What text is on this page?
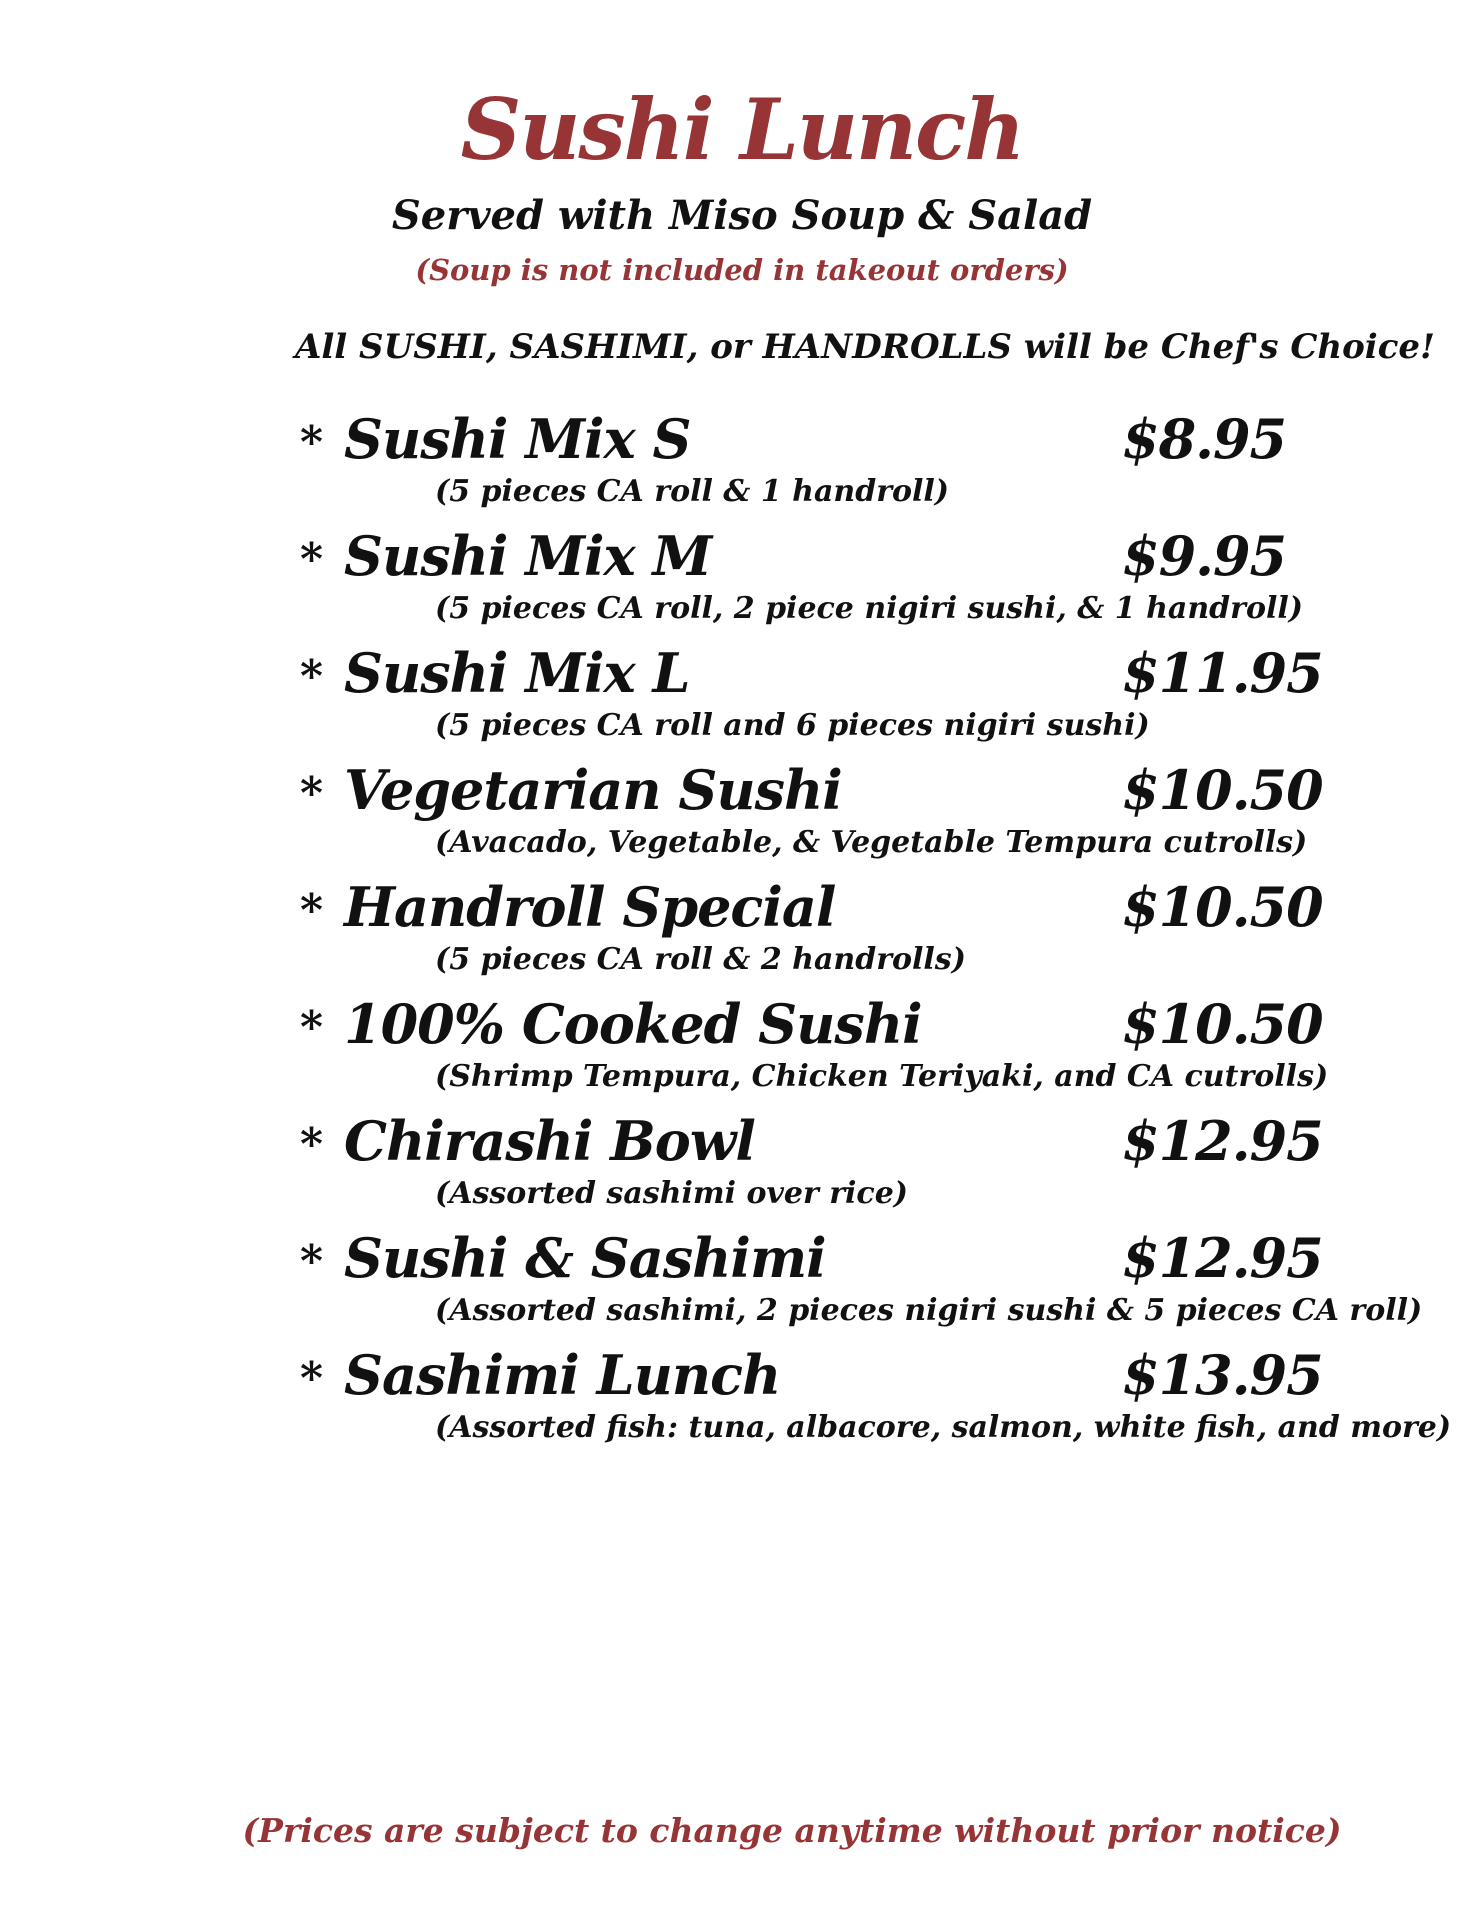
Sushi Lunch
Served with Miso Soup & Salad
(Soup is not included in takeout orders)
All SUSHI, SASHIMI, or HANDROLLS will be Chef's Choice!
* Sushi Mix S	$8.95
(5 pieces CA roll & 1 handroll)
* Sushi Mix M	$9.95
(5 pieces CA roll, 2 piece nigiri sushi, & 1 handroll)
* Sushi Mix L	$11.95
(5 pieces CA roll and 6 pieces nigiri sushi)
* Vegetarian Sushi	$10.50
(Avacado, Vegetable, & Vegetable Tempura cutrolls)
* Handroll Special	$10.50
(5 pieces CA roll & 2 handrolls)
* 100% Cooked Sushi	$10.50
(Shrimp Tempura, Chicken Teriyaki, and CA cutrolls)
* Chirashi Bowl	$12.95
(Assorted sashimi over rice)
* Sushi & Sashimi	$12.95
(Assorted sashimi, 2 pieces nigiri sushi & 5 pieces CA roll)
* Sashimi Lunch	$13.95
(Assorted fish: tuna, albacore, salmon, white fish, and more)
(Prices are subject to change anytime without prior notice)
